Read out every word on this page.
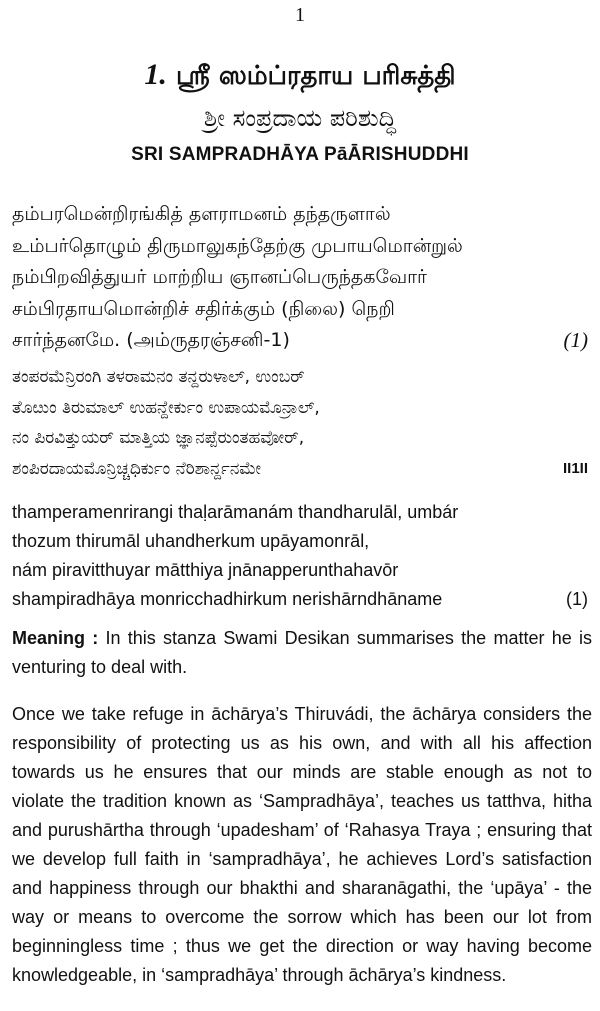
1
1. ஸ்ரீ ஸம்ப்ரதாய பரிசுத்தி
ಶ್ರೀ ಸಂಪ್ರದಾಯ ಪರಿಶುದ್ಧಿ
SRI SAMPRADHĀYA PāĀRISHUDDHI
தம்பரமென்றிரங்கித் தளராமனம் தந்தருளால்
உம்பர்தொழும் திருமாலுகந்தேற்கு முபாயமொன்றுல்
நம்பிறவித்துயர் மாற்றிய ஞானப்பெருந்தகவோர்
சம்பிரதாயமொன்றிச் சதிர்க்கும் (நிலை) நெறி
சார்ந்தனமே. (அம்ருதரஞ்சனி-1)	(1)
ತಂಪರಮೆನ್ರಿರಂಗಿ ತಳರಾಮನಂ ತನ್ದರುಳಾಲ್, ಉಂಬರ್
ತೊೞುಂ ತಿರುಮಾಲ್ ಉಹನ್ದೇರ್ಕುಂ ಉಪಾಯಮೊನ್ರಾಲ್,
ನಂ ಪಿರವಿತ್ತುಯರ್ ಮಾತ್ತಿಯ ಜ್ಞಾನಪ್ಪೆರುಂತಹವೋರ್,
ಶಂಪಿರದಾಯಮೊನ್ರಿಚ್ಚಧಿರ್ಕುಂ ನೆರಿಶಾರ್ನ್ದನಮೇ	II1II
thamperamenrirangi thaḷarāmanám thandharulāl, umbár
thozum thirumāl uhandherkum upāyamonrāl,
nám piravitthuyar mātthiya jnānapperunthahavōr
shampiradhāya monricchadhirkum nerishārndhāname	(1)

Meaning : In this stanza Swami Desikan summarises the matter he is venturing to deal with.

Once we take refuge in āchārya’s Thiruvádi, the āchārya considers the responsibility of protecting us as his own, and with all his affection towards us he ensures that our minds are stable enough as not to violate the tradition known as ‘Sampradhāya’, teaches us tatthva, hitha and purushārtha through ‘upadesham’ of ‘Rahasya Traya ; ensuring that we develop full faith in ‘sampradhāya’, he achieves Lord’s satisfaction and happiness through our bhakthi and sharanāgathi, the ‘upāya’ - the way or means to overcome the sorrow which has been our lot from beginningless time ; thus we get the direction or way having become knowledgeable, in ‘sampradhāya’ through āchārya’s kindness.
